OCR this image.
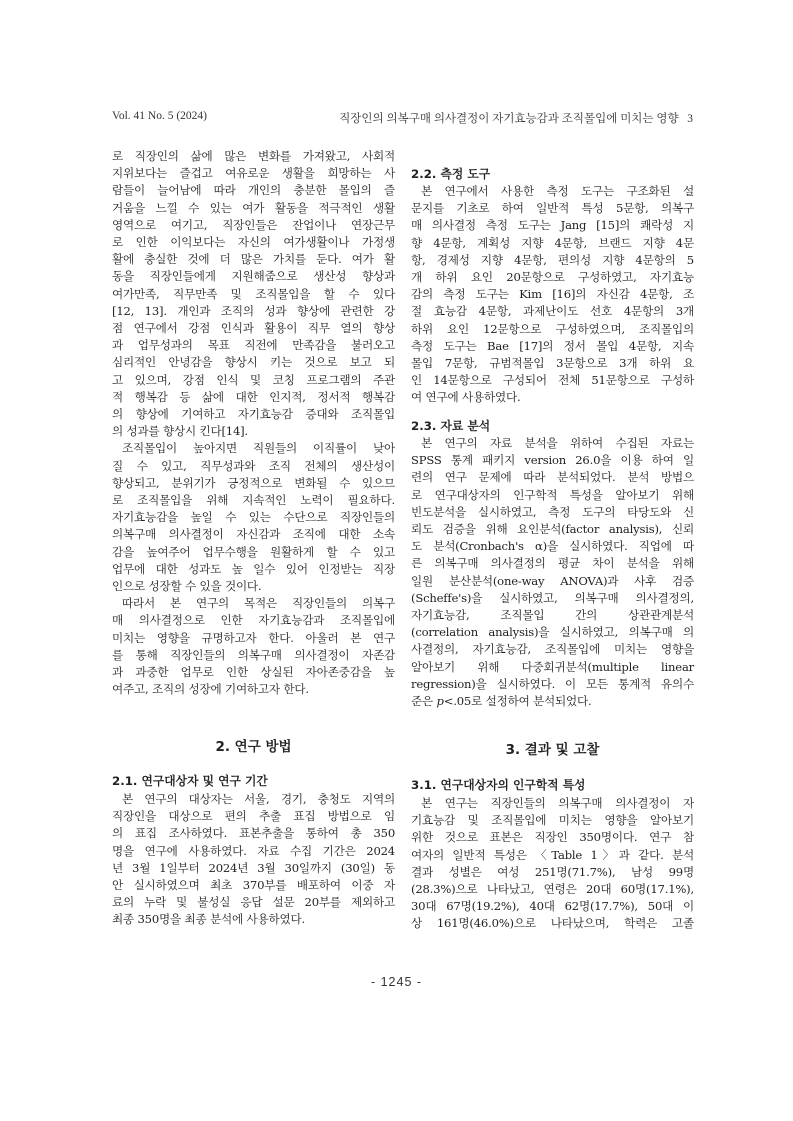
Vol. 41 No. 5 (2024)	직장인의 의복구매 의사결정이 자기효능감과 조직몰입에 미치는 영향 3
로 직장인의 삶에 많은 변화를 가져왔고, 사회적
지위보다는 즐겁고 여유로운 생활을 희망하는 사
람들이 늘어남에 따라 개인의 충분한 몰입의 즐
거움을 느낄 수 있는 여가 활동을 적극적인 생활
영역으로 여기고, 직장인들은 잔업이나 연장근무
로 인한 이익보다는 자신의 여가생활이나 가정생
활에 충실한 것에 더 많은 가치를 둔다. 여가 활
동을 직장인들에게 지원해줌으로 생산성 향상과
여가만족, 직무만족 및 조직몰입을 할 수 있다
[12, 13]. 개인과 조직의 성과 향상에 관련한 강
점 연구에서 강점 인식과 활용이 직무 열의 향상
과 업무성과의 목표 직전에 만족감을 불러오고
심리적인 안녕감을 향상시 키는 것으로 보고 되
고 있으며, 강점 인식 및 코칭 프로그램의 주관
적 행복감 등 삶에 대한 인지적, 정서적 행복감
의 향상에 기여하고 자기효능감 증대와 조직몰입
의 성과를 향상시 킨다[14].
조직몰입이 높아지면 직원들의 이직률이 낮아
질 수 있고, 직무성과와 조직 전체의 생산성이
향상되고, 분위기가 긍정적으로 변화될 수 있으므
로 조직몰입을 위해 지속적인 노력이 필요하다.
자기효능감을 높일 수 있는 수단으로 직장인들의
의복구매 의사결정이 자신감과 조직에 대한 소속
감을 높여주어 업무수행을 원활하게 할 수 있고
업무에 대한 성과도 높 일수 있어 인정받는 직장
인으로 성장할 수 있을 것이다.
따라서 본 연구의 목적은 직장인들의 의복구
매 의사결정으로 인한 자기효능감과 조직몰입에
미치는 영향을 규명하고자 한다. 아울러 본 연구
를 통해 직장인들의 의복구매 의사결정이 자존감
과 과중한 업무로 인한 상실된 자아존중감을 높
여주고, 조직의 성장에 기여하고자 한다.
2. 연구 방법
2.1. 연구대상자 및 연구 기간
본 연구의 대상자는 서울, 경기, 충청도 지역의
직장인을 대상으로 편의 추출 표집 방법으로 임
의 표집 조사하였다. 표본추출을 통하여 총 350
명을 연구에 사용하였다. 자료 수집 기간은 2024
년 3월 1일부터 2024년 3월 30일까지 (30일) 동
안 실시하였으며 최초 370부를 배포하여 이중 자
료의 누락 및 불성실 응답 설문 20부를 제외하고
최종 350명을 최종 분석에 사용하였다.
2.2. 측정 도구
본 연구에서 사용한 측정 도구는 구조화된 설
문지를 기초로 하여 일반적 특성 5문항, 의복구
매 의사결정 측정 도구는 Jang [15]의 쾌락성 지
향 4문항, 계획성 지향 4문항, 브랜드 지향 4문
항, 경제성 지향 4문항, 편의성 지향 4문항의 5
개 하위 요인 20문항으로 구성하였고, 자기효능
감의 측정 도구는 Kim [16]의 자신감 4문항, 조
절 효능감 4문항, 과제난이도 선호 4문항의 3개
하위 요인 12문항으로 구성하였으며, 조직몰입의
측정 도구는 Bae [17]의 정서 몰입 4문항, 지속
몰입 7문항, 규범적몰입 3문항으로 3개 하위 요
인 14문항으로 구성되어 전체 51문항으로 구성하
여 연구에 사용하였다.
2.3. 자료 분석
본 연구의 자료 분석을 위하여 수집된 자료는
SPSS 통계 패키지 version 26.0을 이용 하여 일
련의 연구 문제에 따라 분석되었다. 분석 방법으
로 연구대상자의 인구학적 특성을 알아보기 위해
빈도분석을 실시하였고, 측정 도구의 타당도와 신
뢰도 검증을 위해 요인분석(factor analysis), 신뢰
도 분석(Cronbach's α)을 실시하였다. 직업에 따
른 의복구매 의사결정의 평균 차이 분석을 위해
일원 분산분석(one-way ANOVA)과 사후 검증
(Scheffe's)을 실시하였고, 의복구매 의사결정의,
자기효능감, 조직몰입 간의 상관관계분석
(correlation analysis)을 실시하였고, 의복구매 의
사결정의, 자기효능감, 조직몰입에 미치는 영향을
알아보기 위해 다중회귀분석(multiple linear
regression)을 실시하였다. 이 모든 통계적 유의수
준은 p<.05로 설정하여 분석되었다.
3. 결과 및 고찰
3.1. 연구대상자의 인구학적 특성
본 연구는 직장인들의 의복구매 의사결정이 자
기효능감 및 조직몰입에 미치는 영향을 알아보기
위한 것으로 표본은 직장인 350명이다. 연구 참
여자의 일반적 특성은 〈Table 1〉과 같다. 분석
결과 성별은 여성 251명(71.7%), 남성 99명
(28.3%)으로 나타났고, 연령은 20대 60명(17.1%),
30대 67명(19.2%), 40대 62명(17.7%), 50대 이
상 161명(46.0%)으로 나타났으며, 학력은 고졸
- 1245 -
